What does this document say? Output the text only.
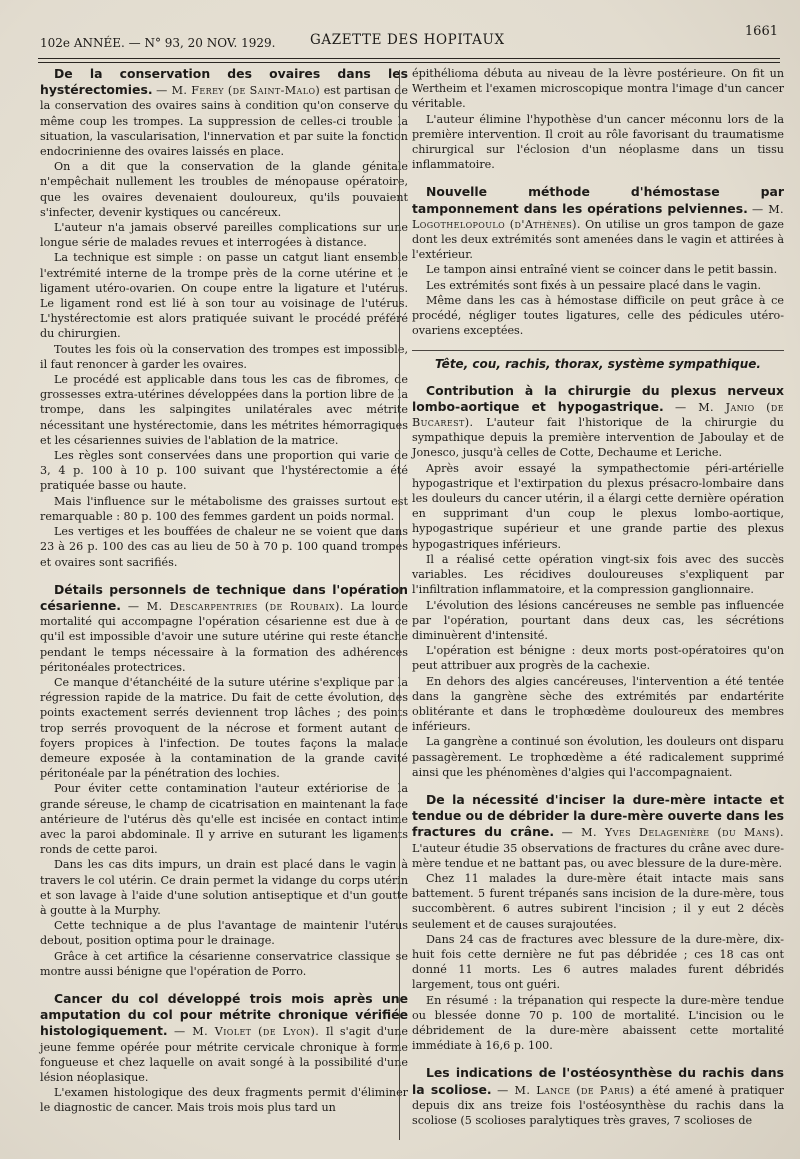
102e ANNÉE. — N° 93, 20 NOV. 1929.	GAZETTE DES HOPITAUX
1661

De la conservation des ovaires dans les hystérectomies. — M. Ferey (de Saint-Malo) est partisan de la conservation des ovaires sains à condition qu'on conserve du même coup les trompes. La suppression de celles-ci trouble la situation, la vascularisation, l'innervation et par suite la fonction endocrinienne des ovaires laissés en place.

On a dit que la conservation de la glande génitale n'empêchait nullement les troubles de ménopause opératoire, que les ovaires devenaient douloureux, qu'ils pouvaient s'infecter, devenir kystiques ou cancéreux.

L'auteur n'a jamais observé pareilles complications sur une longue série de malades revues et interrogées à distance.

La technique est simple : on passe un catgut liant ensemble l'extrémité interne de la trompe près de la corne utérine et le ligament utéro-ovarien. On coupe entre la ligature et l'utérus. Le ligament rond est lié à son tour au voisinage de l'utérus. L'hystérectomie est alors pratiquée suivant le procédé préféré du chirurgien.

Toutes les fois où la conservation des trompes est impossible, il faut renoncer à garder les ovaires.

Le procédé est applicable dans tous les cas de fibromes, de grossesses extra-utérines développées dans la portion libre de la trompe, dans les salpingites unilatérales avec métrite nécessitant une hystérectomie, dans les métrites hémorragiques et les césariennes suivies de l'ablation de la matrice.

Les règles sont conservées dans une proportion qui varie de 3, 4 p. 100 à 10 p. 100 suivant que l'hystérectomie a été pratiquée basse ou haute.

Mais l'influence sur le métabolisme des graisses surtout est remarquable : 80 p. 100 des femmes gardent un poids normal.

Les vertiges et les bouffées de chaleur ne se voient que dans 23 à 26 p. 100 des cas au lieu de 50 à 70 p. 100 quand trompes et ovaires sont sacrifiés.

Détails personnels de technique dans l'opération césarienne. — M. Descarpentries (de Roubaix). La lourde mortalité qui accompagne l'opération césarienne est due à ce qu'il est impossible d'avoir une suture utérine qui reste étanche pendant le temps nécessaire à la formation des adhérences péritonéales protectrices.

Ce manque d'étanchéité de la suture utérine s'explique par la régression rapide de la matrice. Du fait de cette évolution, des points exactement serrés deviennent trop lâches ; des points trop serrés provoquent de la nécrose et forment autant de foyers propices à l'infection. De toutes façons la malade demeure exposée à la contamination de la grande cavité péritonéale par la pénétration des lochies.

Pour éviter cette contamination l'auteur extériorise de la grande séreuse, le champ de cicatrisation en maintenant la face antérieure de l'utérus dès qu'elle est incisée en contact intime avec la paroi abdominale. Il y arrive en suturant les ligaments ronds de cette paroi.

Dans les cas dits impurs, un drain est placé dans le vagin à travers le col utérin. Ce drain permet la vidange du corps utérin et son lavage à l'aide d'une solution antiseptique et d'un goutte à goutte à la Murphy.

Cette technique a de plus l'avantage de maintenir l'utérus debout, position optima pour le drainage.

Grâce à cet artifice la césarienne conservatrice classique se montre aussi bénigne que l'opération de Porro.

Cancer du col développé trois mois après une amputation du col pour métrite chronique vérifiée histologiquement. — M. Violet (de Lyon). Il s'agit d'une jeune femme opérée pour métrite cervicale chronique à forme fongueuse et chez laquelle on avait songé à la possibilité d'une lésion néoplasique.

L'examen histologique des deux fragments permit d'éliminer le diagnostic de cancer. Mais trois mois plus tard un

épithélioma débuta au niveau de la lèvre postérieure. On fit un Wertheim et l'examen microscopique montra l'image d'un cancer véritable.

L'auteur élimine l'hypothèse d'un cancer méconnu lors de la première intervention. Il croit au rôle favorisant du traumatisme chirurgical sur l'éclosion d'un néoplasme dans un tissu inflammatoire.

Nouvelle méthode d'hémostase par tamponnement dans les opérations pelviennes. — M. Logothelopoulo (d'Athènes). On utilise un gros tampon de gaze dont les deux extrémités sont amenées dans le vagin et attirées à l'extérieur.

Le tampon ainsi entraîné vient se coincer dans le petit bassin.

Les extrémités sont fixés à un pessaire placé dans le vagin.

Même dans les cas à hémostase difficile on peut grâce à ce procédé, négliger toutes ligatures, celle des pédicules utéro-ovariens exceptées.

Tête, cou, rachis, thorax, système sympathique.

Contribution à la chirurgie du plexus nerveux lombo-aortique et hypogastrique. — M. Janio (de Bucarest). L'auteur fait l'historique de la chirurgie du sympathique depuis la première intervention de Jaboulay et de Jonesco, jusqu'à celles de Cotte, Dechaume et Leriche.

Après avoir essayé la sympathectomie péri-artérielle hypogastrique et l'extirpation du plexus présacro-lombaire dans les douleurs du cancer utérin, il a élargi cette dernière opération en supprimant d'un coup le plexus lombo-aortique, hypogastrique supérieur et une grande partie des plexus hypogastriques inférieurs.

Il a réalisé cette opération vingt-six fois avec des succès variables. Les récidives douloureuses s'expliquent par l'infiltration inflammatoire, et la compression ganglionnaire.

L'évolution des lésions cancéreuses ne semble pas influencée par l'opération, pourtant dans deux cas, les sécrétions diminuèrent d'intensité.

L'opération est bénigne : deux morts post-opératoires qu'on peut attribuer aux progrès de la cachexie.

En dehors des algies cancéreuses, l'intervention a été tentée dans la gangrène sèche des extrémités par endartérite oblitérante et dans le trophœdème douloureux des membres inférieurs.

La gangrène a continué son évolution, les douleurs ont disparu passagèrement. Le trophœdème a été radicalement supprimé ainsi que les phénomènes d'algies qui l'accompagnaient.

De la nécessité d'inciser la dure-mère intacte et tendue ou de débrider la dure-mère ouverte dans les fractures du crâne. — M. Yves Delagenière (du Mans). L'auteur étudie 35 observations de fractures du crâne avec dure-mère tendue et ne battant pas, ou avec blessure de la dure-mère.

Chez 11 malades la dure-mère était intacte mais sans battement. 5 furent trépanés sans incision de la dure-mère, tous succombèrent. 6 autres subirent l'incision ; il y eut 2 décès seulement et de causes surajoutées.

Dans 24 cas de fractures avec blessure de la dure-mère, dix-huit fois cette dernière ne fut pas débridée ; ces 18 cas ont donné 11 morts. Les 6 autres malades furent débridés largement, tous ont guéri.

En résumé : la trépanation qui respecte la dure-mère tendue ou blessée donne 70 p. 100 de mortalité. L'incision ou le débridement de la dure-mère abaissent cette mortalité immédiate à 16,6 p. 100.

Les indications de l'ostéosynthèse du rachis dans la scoliose. — M. Lance (de Paris) a été amené à pratiquer depuis dix ans treize fois l'ostéosynthèse du rachis dans la scoliose (5 scolioses paralytiques très graves, 7 scolioses de
